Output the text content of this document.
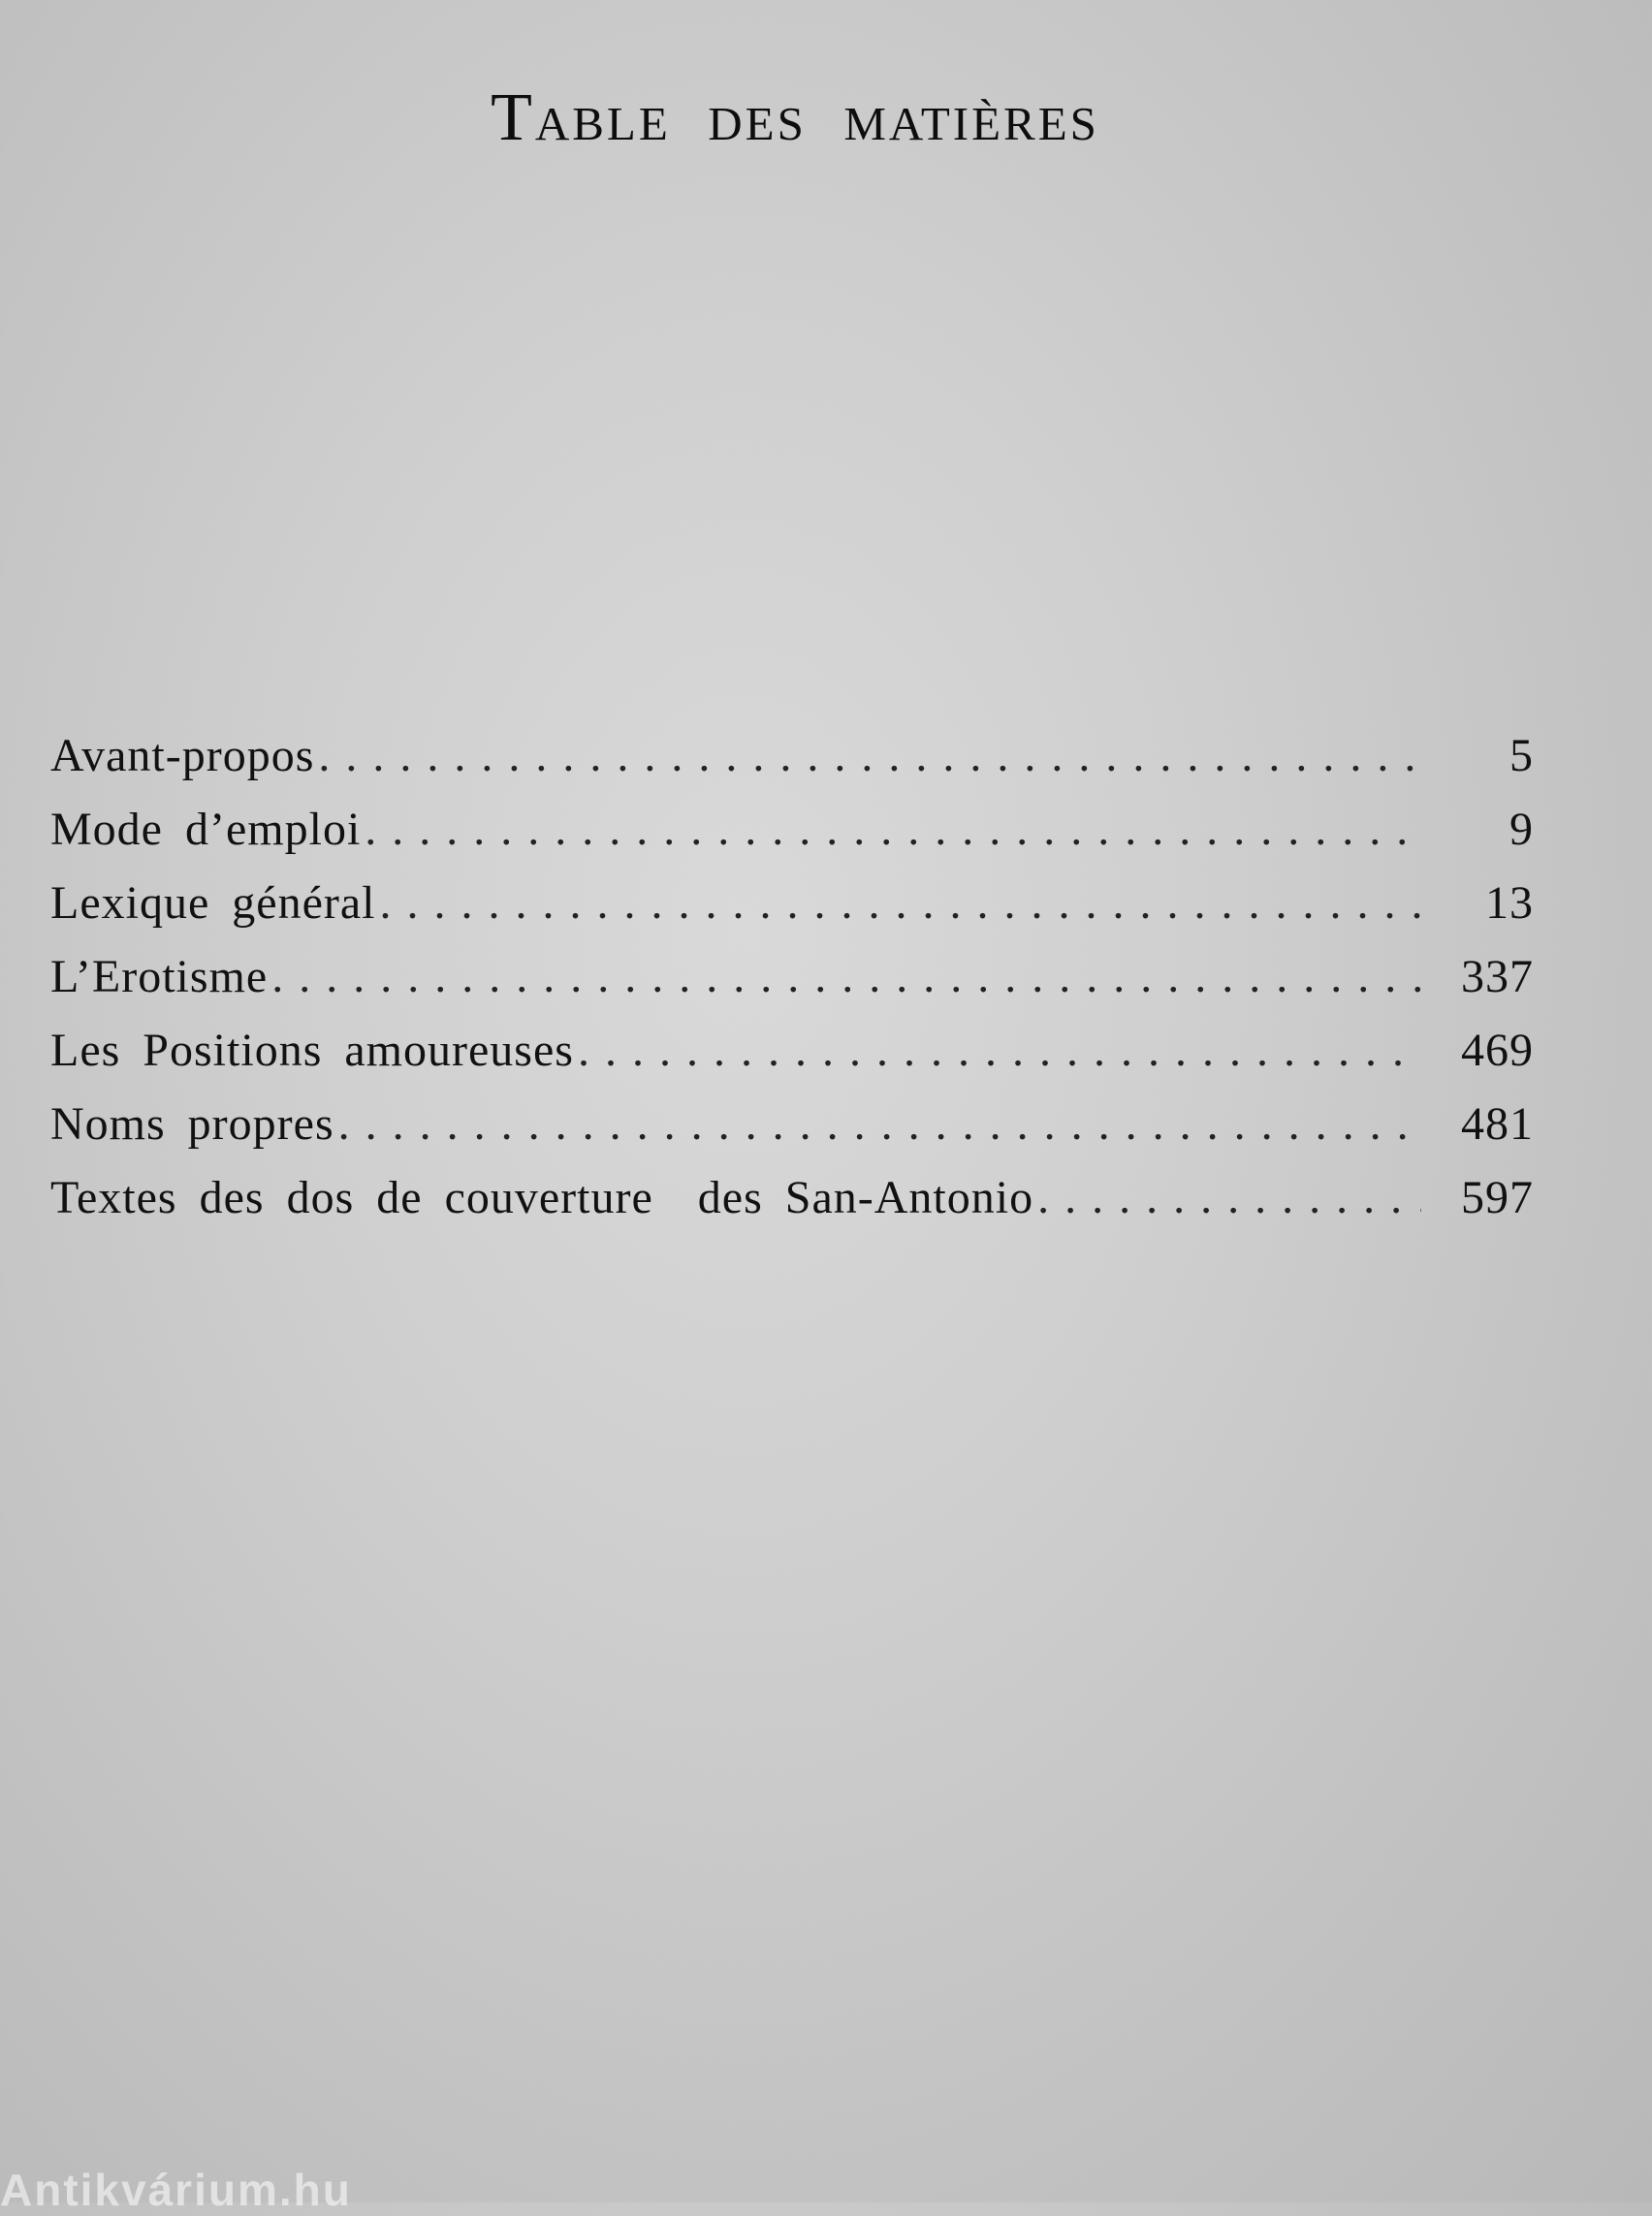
Table des matières
Avant-propos . . .	5
Mode d’emploi . . .	9
Lexique général . . .	13
L’Erotisme . . .	337
Les Positions amoureuses . . .	469
Noms propres . . .	481
Textes des dos de couverture  des San-Antonio . . .	597
Antikvárium.hu
